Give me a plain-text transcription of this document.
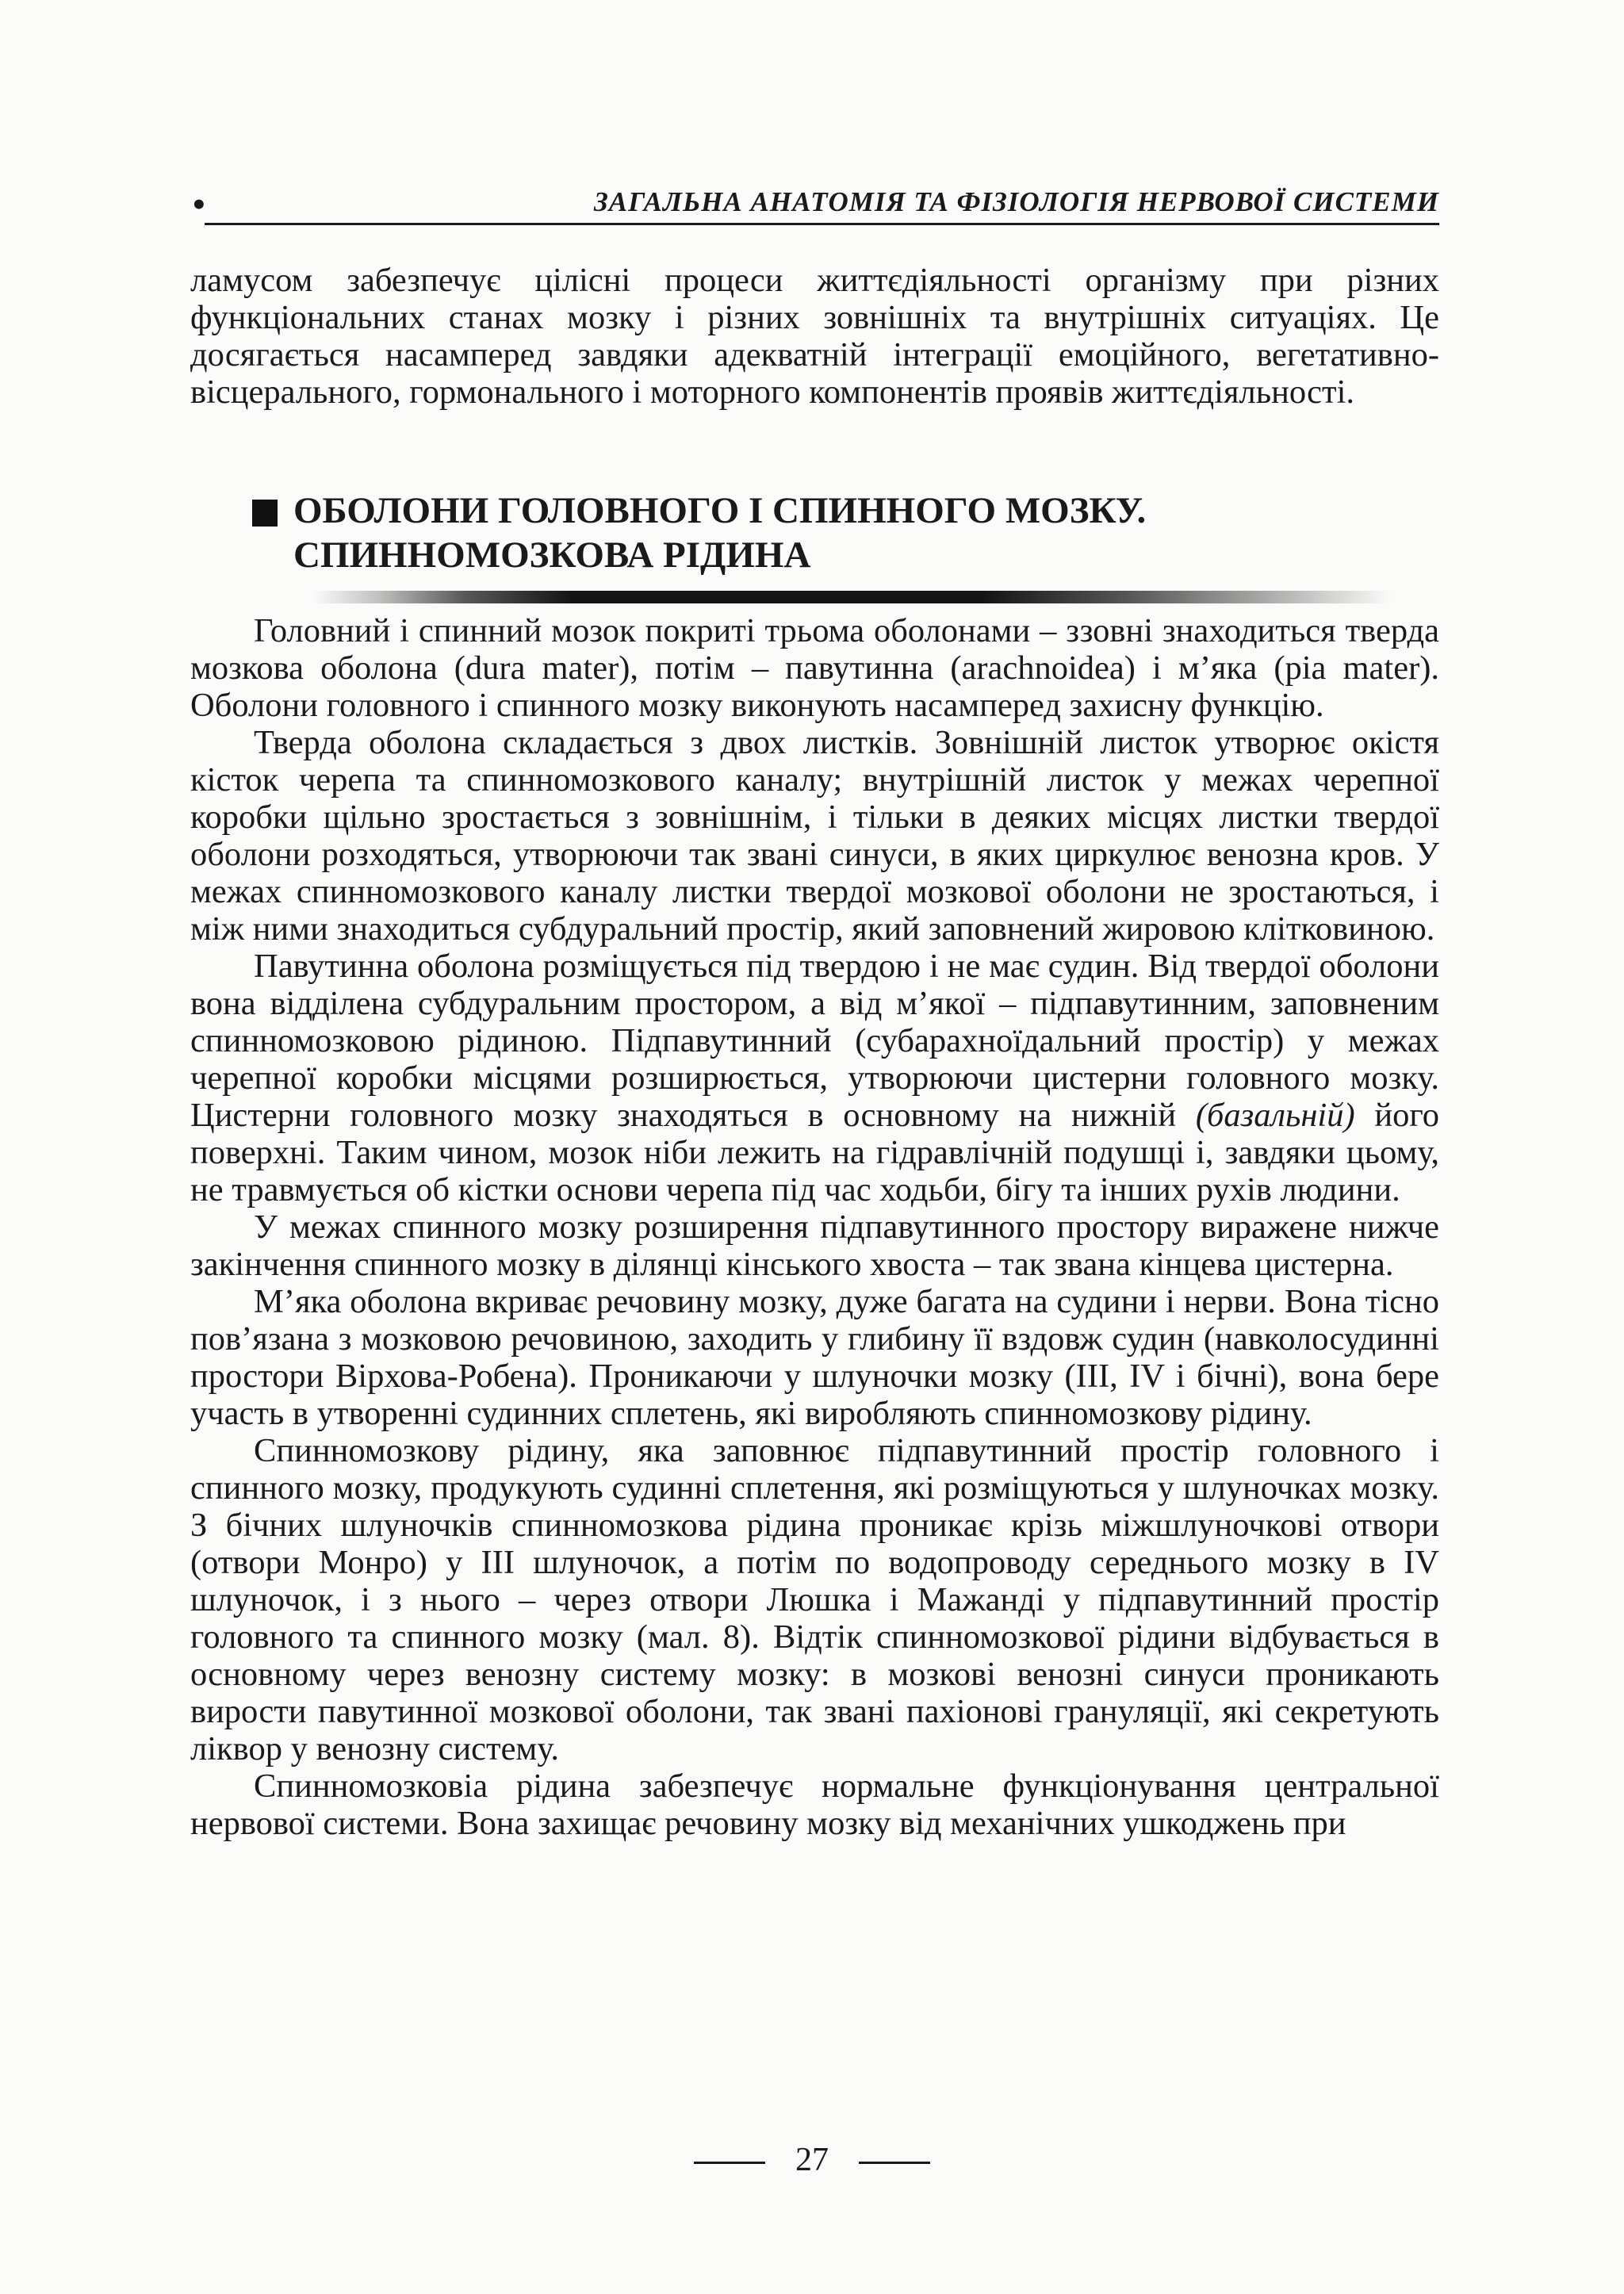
•	ЗАГАЛЬНА АНАТОМІЯ ТА ФІЗІОЛОГІЯ НЕРВОВОЇ СИСТЕМИ

ламусом забезпечує цілісні процеси життєдіяльності організму при різних функціональних станах мозку і різних зовнішніх та внутрішніх ситуаціях. Це досягається насамперед завдяки адекватній інтеграції емоційного, вегетативно-вісцерального, гормонального і моторного компонентів проявів життєдіяльності.

ОБОЛОНИ ГОЛОВНОГО І СПИННОГО МОЗКУ.
СПИННОМОЗКОВА РІДИНА

Головний і спинний мозок покриті трьома оболонами – ззовні знаходиться тверда мозкова оболона (dura mater), потім – павутинна (arachnoidea) і м’яка (pia mater). Оболони головного і спинного мозку виконують насамперед захисну функцію.

Тверда оболона складається з двох листків. Зовнішній листок утворює окістя кісток черепа та спинномозкового каналу; внутрішній листок у межах черепної коробки щільно зростається з зовнішнім, і тільки в деяких місцях листки твердої оболони розходяться, утворюючи так звані синуси, в яких циркулює венозна кров. У межах спинномозкового каналу листки твердої мозкової оболони не зростаються, і між ними знаходиться субдуральний простір, який заповнений жировою клітковиною.

Павутинна оболона розміщується під твердою і не має судин. Від твердої оболони вона відділена субдуральним простором, а від м’якої – підпавутинним, заповненим спинномозковою рідиною. Підпавутинний (субарахноїдальний простір) у межах черепної коробки місцями розширюється, утворюючи цистерни головного мозку. Цистерни головного мозку знаходяться в основному на нижній (базальній) його поверхні. Таким чином, мозок ніби лежить на гідравлічній подушці і, завдяки цьому, не травмується об кістки основи черепа під час ходьби, бігу та інших рухів людини.

У межах спинного мозку розширення підпавутинного простору виражене нижче закінчення спинного мозку в ділянці кінського хвоста – так звана кінцева цистерна.

М’яка оболона вкриває речовину мозку, дуже багата на судини і нерви. Вона тісно пов’язана з мозковою речовиною, заходить у глибину її вздовж судин (навколосудинні простори Вірхова-Робена). Проникаючи у шлуночки мозку (III, IV і бічні), вона бере участь в утворенні судинних сплетень, які виробляють спинномозкову рідину.

Спинномозкову рідину, яка заповнює підпавутинний простір головного і спинного мозку, продукують судинні сплетення, які розміщуються у шлуночках мозку. З бічних шлуночків спинномозкова рідина проникає крізь міжшлуночкові отвори (отвори Монро) у III шлуночок, а потім по водопроводу середнього мозку в IV шлуночок, і з нього – через отвори Люшка і Мажанді у підпавутинний простір головного та спинного мозку (мал. 8). Відтік спинномозкової рідини відбувається в основному через венозну систему мозку: в мозкові венозні синуси проникають вирости павутинної мозкової оболони, так звані пахіонові грануляції, які секретують ліквор у венозну систему.

Спинномозковіа рідина забезпечує нормальне функціонування центральної нервової системи. Вона захищає речовину мозку від механічних ушкоджень при

27
